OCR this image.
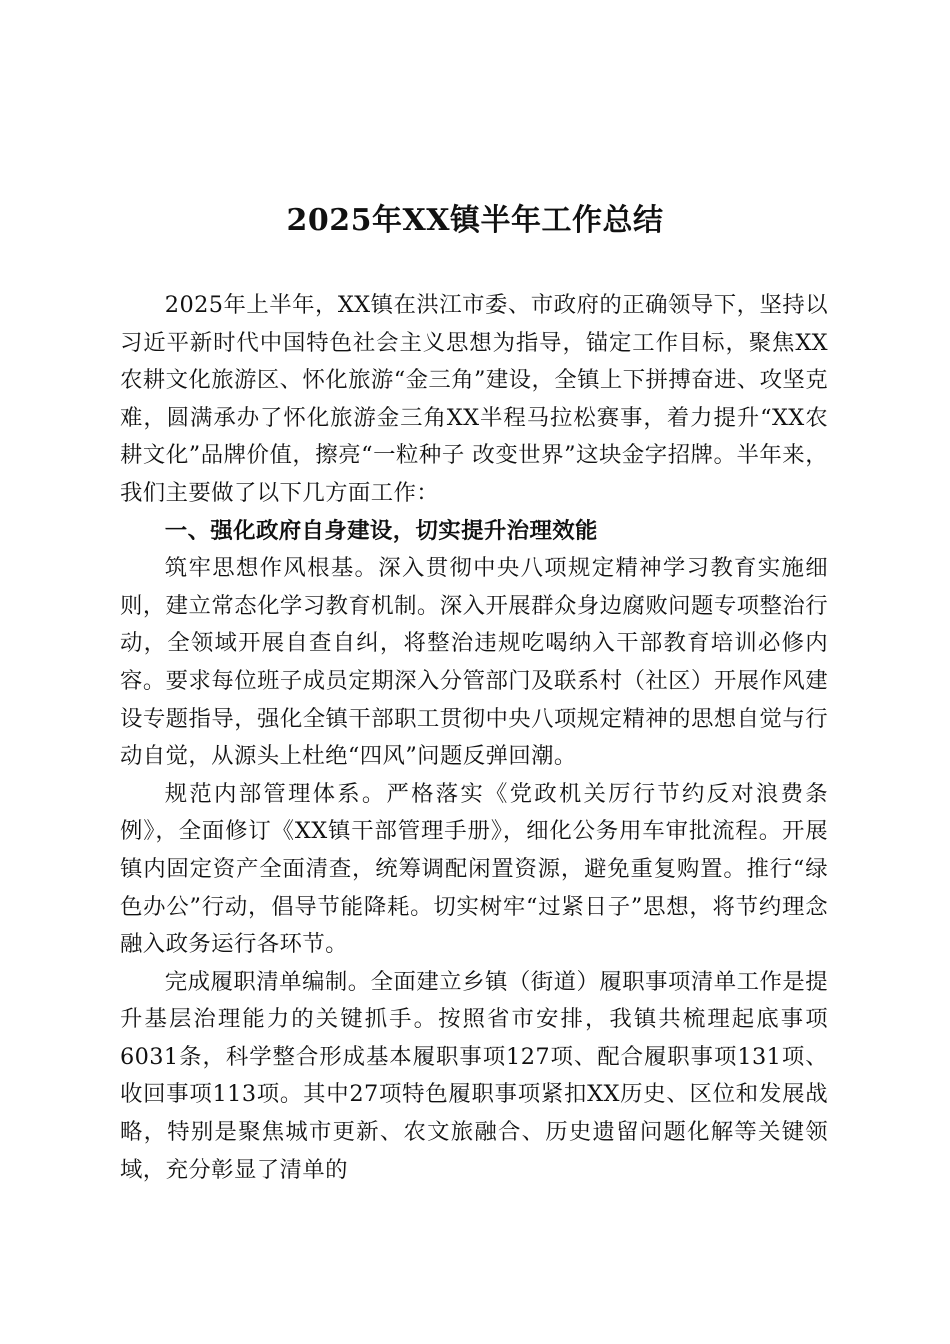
2025年XX镇半年工作总结

2025年上半年，XX镇在洪江市委、市政府的正确领导下，坚持以习近平新时代中国特色社会主义思想为指导，锚定工作目标，聚焦XX农耕文化旅游区、怀化旅游“金三角”建设，全镇上下拼搏奋进、攻坚克难，圆满承办了怀化旅游金三角XX半程马拉松赛事，着力提升“XX农耕文化”品牌价值，擦亮“一粒种子 改变世界”这块金字招牌。半年来，我们主要做了以下几方面工作：

一、强化政府自身建设，切实提升治理效能

筑牢思想作风根基。深入贯彻中央八项规定精神学习教育实施细则，建立常态化学习教育机制。深入开展群众身边腐败问题专项整治行动，全领域开展自查自纠，将整治违规吃喝纳入干部教育培训必修内容。要求每位班子成员定期深入分管部门及联系村（社区）开展作风建设专题指导，强化全镇干部职工贯彻中央八项规定精神的思想自觉与行动自觉，从源头上杜绝“四风”问题反弹回潮。

规范内部管理体系。严格落实《党政机关厉行节约反对浪费条例》，全面修订《XX镇干部管理手册》，细化公务用车审批流程。开展镇内固定资产全面清查，统筹调配闲置资源，避免重复购置。推行“绿色办公”行动，倡导节能降耗。切实树牢“过紧日子”思想，将节约理念融入政务运行各环节。

完成履职清单编制。全面建立乡镇（街道）履职事项清单工作是提升基层治理能力的关键抓手。按照省市安排，我镇共梳理起底事项6031条，科学整合形成基本履职事项127项、配合履职事项131项、收回事项113项。其中27项特色履职事项紧扣XX历史、区位和发展战略，特别是聚焦城市更新、农文旅融合、历史遗留问题化解等关键领域，充分彰显了清单的
